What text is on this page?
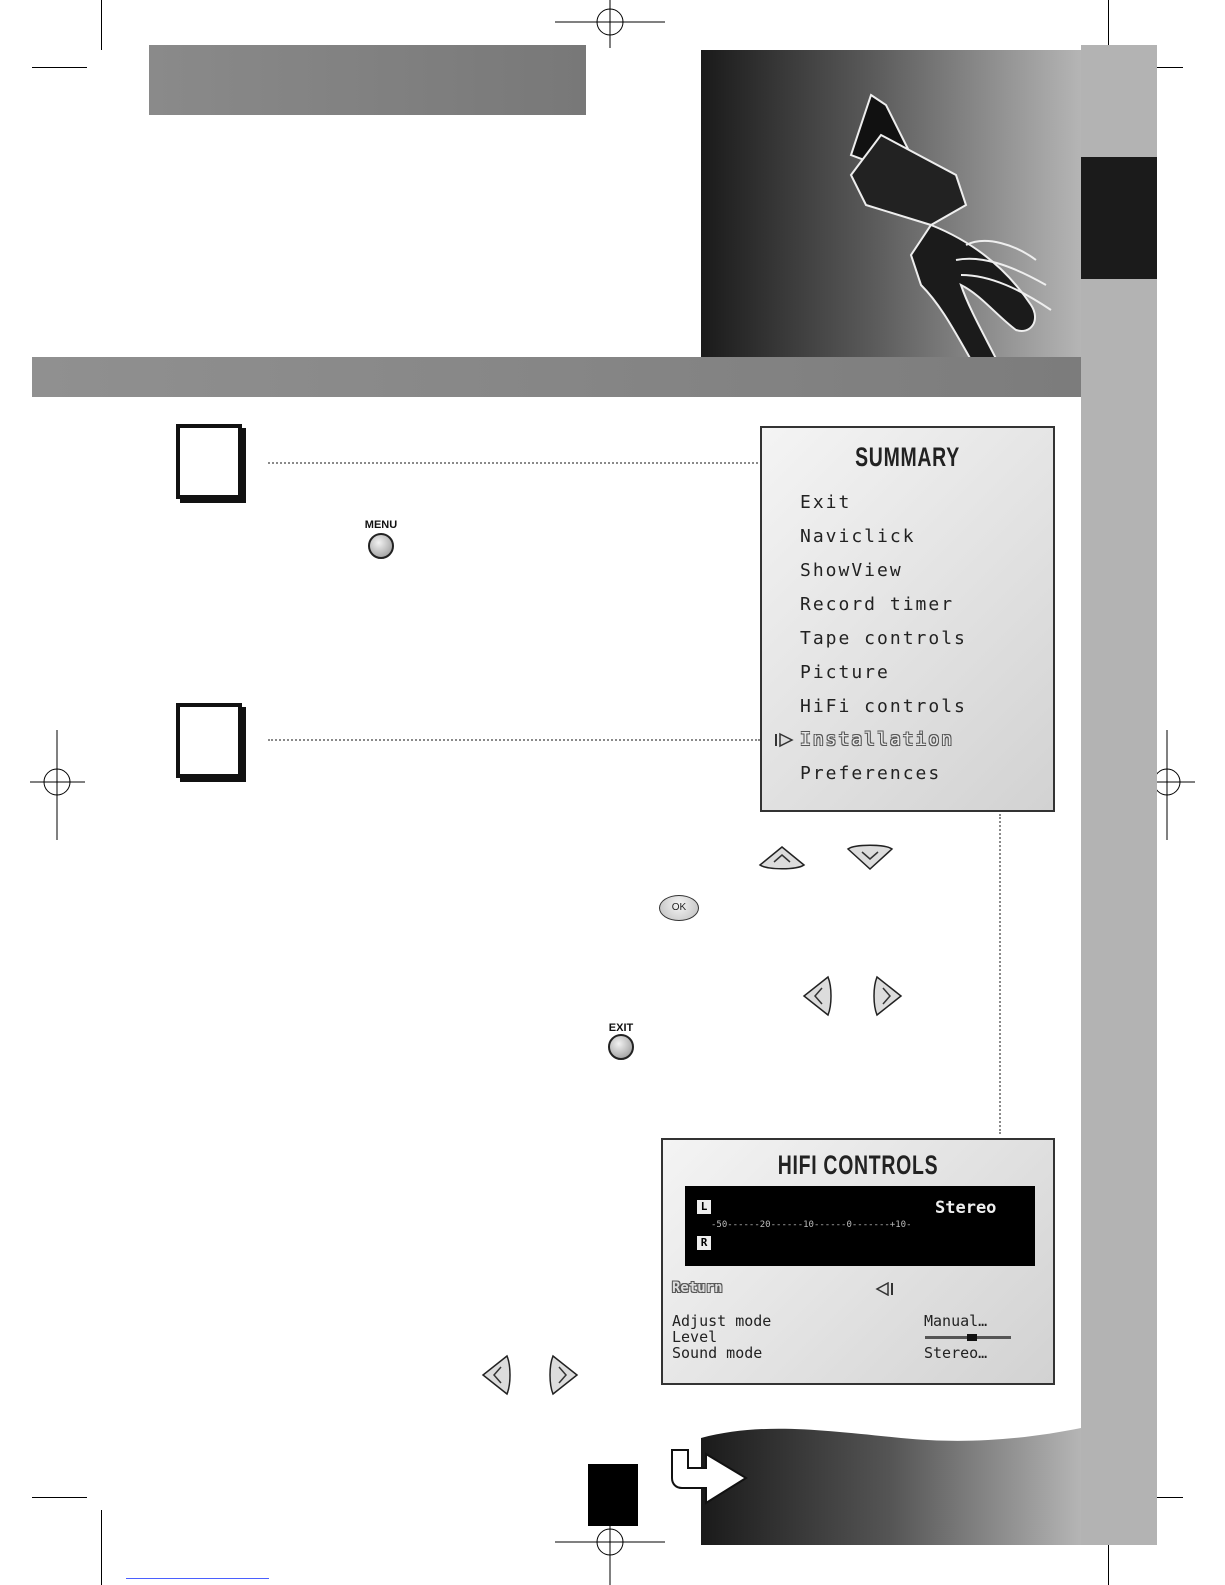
MENU
SUMMARY
Exit
Naviclick
ShowView
Record timer
Tape controls
Picture
HiFi controls
Installation
Preferences
OK
EXIT
HIFI CONTROLS
L
R
-50------20------10------0-------+10-
Stereo
Return
Adjust mode	Manual…
Level
Sound mode	Stereo…
